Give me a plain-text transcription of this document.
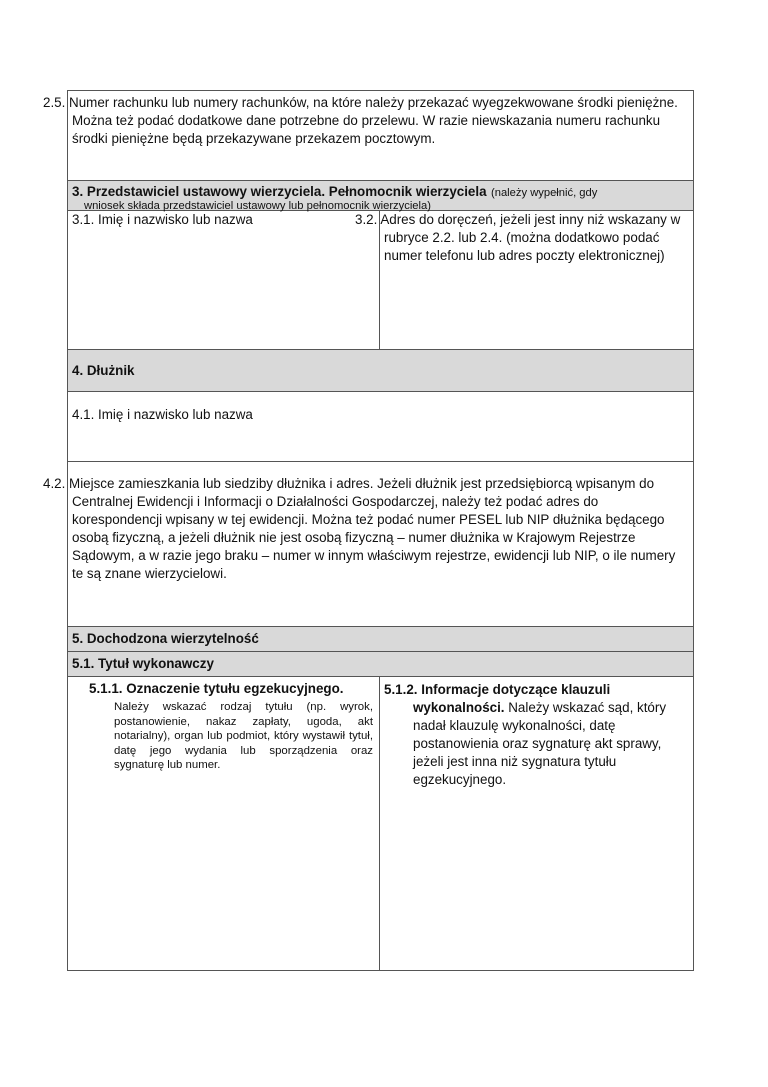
2.5. Numer rachunku lub numery rachunków, na które należy przekazać wyegzekwowane środki pieniężne. Można też podać dodatkowe dane potrzebne do przelewu. W razie niewskazania numeru rachunku środki pieniężne będą przekazywane przekazem pocztowym.
3. Przedstawiciel ustawowy wierzyciela. Pełnomocnik wierzyciela (należy wypełnić, gdy
wniosek składa przedstawiciel ustawowy lub pełnomocnik wierzyciela)
3.1. Imię i nazwisko lub nazwa	3.2. Adres do doręczeń, jeżeli jest inny niż wskazany w rubryce 2.2. lub 2.4. (można dodatkowo podać numer telefonu lub adres poczty elektronicznej)
4. Dłużnik
4.1. Imię i nazwisko lub nazwa
4.2. Miejsce zamieszkania lub siedziby dłużnika i adres. Jeżeli dłużnik jest przedsiębiorcą wpisanym do Centralnej Ewidencji i Informacji o Działalności Gospodarczej, należy też podać adres do korespondencji wpisany w tej ewidencji. Można też podać numer PESEL lub NIP dłużnika będącego osobą fizyczną, a jeżeli dłużnik nie jest osobą fizyczną – numer dłużnika w Krajowym Rejestrze Sądowym, a w razie jego braku – numer w innym właściwym rejestrze, ewidencji lub NIP, o ile numery te są znane wierzycielowi.
5. Dochodzona wierzytelność
5.1. Tytuł wykonawczy
5.1.1. Oznaczenie tytułu egzekucyjnego.
Należy wskazać rodzaj tytułu (np. wyrok, postanowienie, nakaz zapłaty, ugoda, akt notarialny), organ lub podmiot, który wystawił tytuł, datę jego wydania lub sporządzenia oraz sygnaturę lub numer.
5.1.2. Informacje dotyczące klauzuli wykonalności. Należy wskazać sąd, który nadał klauzulę wykonalności, datę postanowienia oraz sygnaturę akt sprawy, jeżeli jest inna niż sygnatura tytułu egzekucyjnego.
